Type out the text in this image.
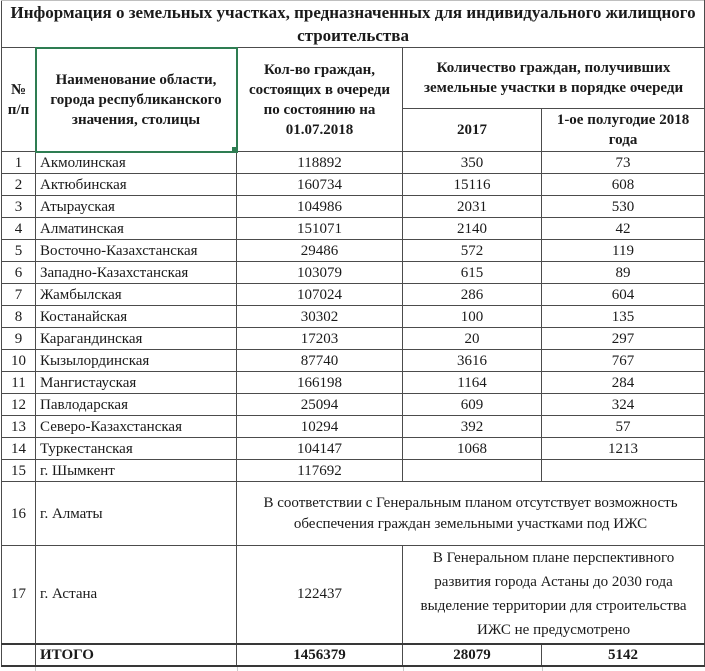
Информация о земельных участках, предназначенных для индивидуального жилищного строительства				
№ п/п	Наименование области, города республиканского значения, столицы	Кол-во граждан, состоящих в очереди по состоянию на 01.07.2018	Количество граждан, получивших земельные участки в порядке очереди	
			2017	1-ое полугодие 2018 года
1	Акмолинская	118892	350	73
2	Актюбинская	160734	15116	608
3	Атырауская	104986	2031	530
4	Алматинская	151071	2140	42
5	Восточно-Казахстанская	29486	572	119
6	Западно-Казахстанская	103079	615	89
7	Жамбылская	107024	286	604
8	Костанайская	30302	100	135
9	Карагандинская	17203	20	297
10	Кызылординская	87740	3616	767
11	Мангистауская	166198	1164	284
12	Павлодарская	25094	609	324
13	Северо-Казахстанская	10294	392	57
14	Туркестанская	104147	1068	1213
15	г. Шымкент	117692		
16	г. Алматы	В соответствии с Генеральным планом отсутствует возможность обеспечения граждан земельными участками под ИЖС		
17	г. Астана	122437	В Генеральном плане перспективного развития города Астаны до 2030 года выделение территории для строительства ИЖС не предусмотрено	
	ИТОГО	1456379	28079	5142
